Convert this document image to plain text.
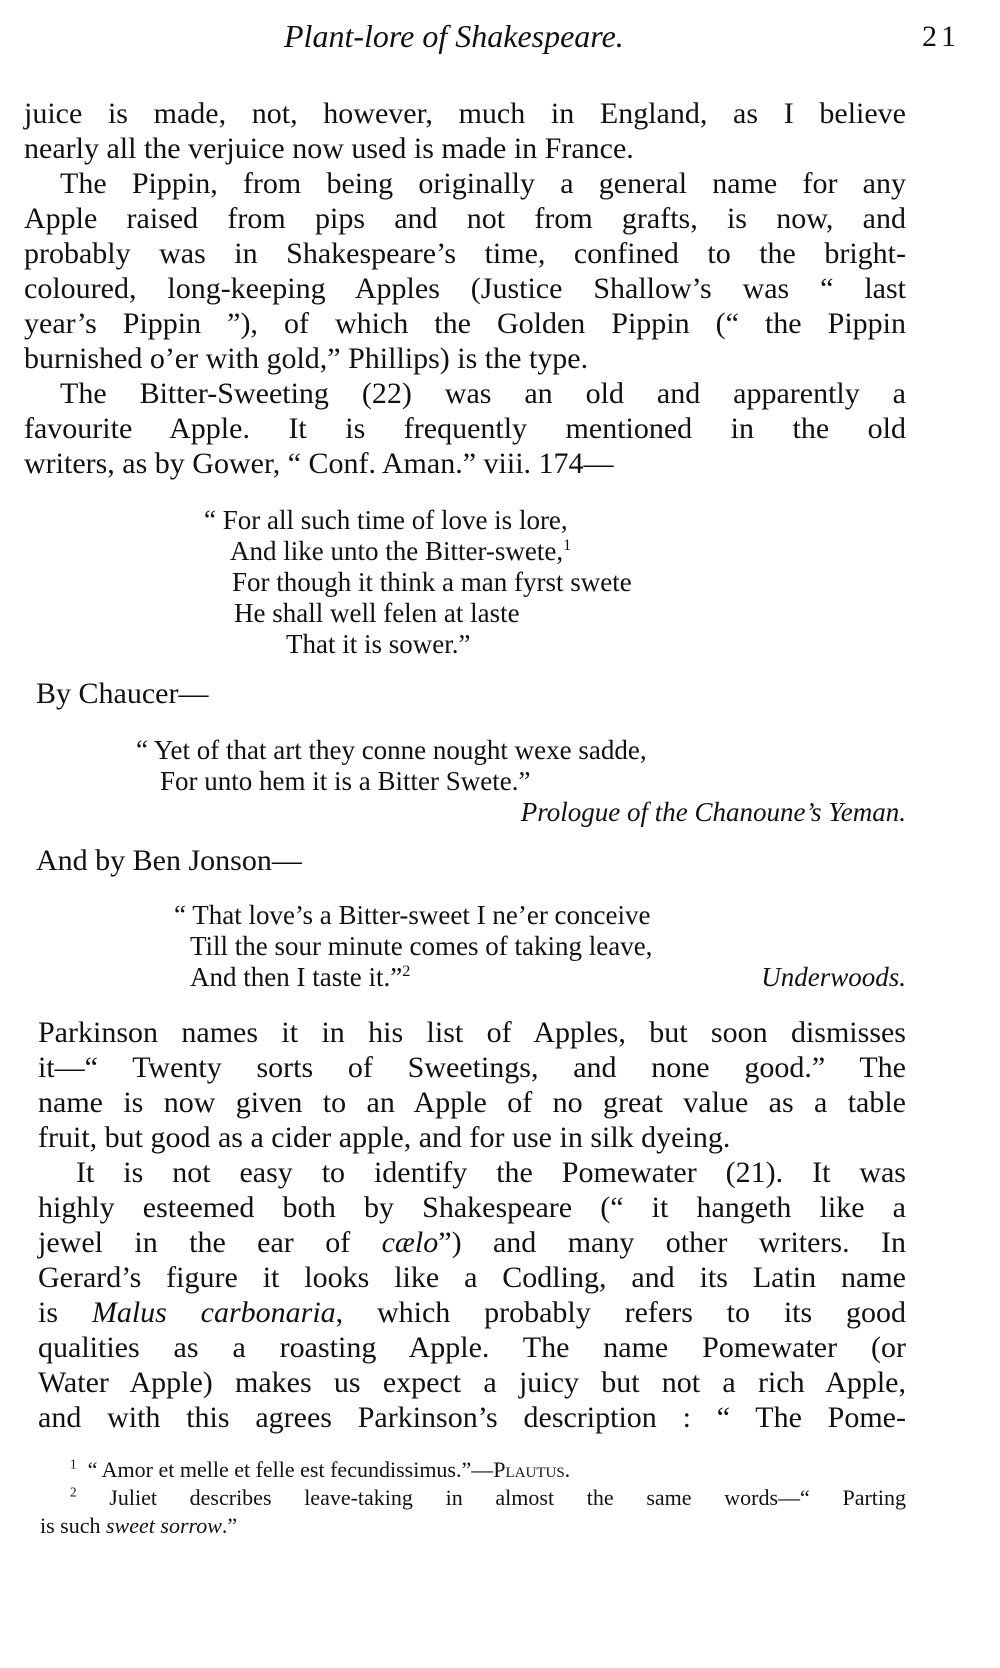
Plant-lore of Shakespeare.	21
juice is made, not, however, much in England, as I believe
nearly all the verjuice now used is made in France.
The Pippin, from being originally a general name for any
Apple raised from pips and not from grafts, is now, and
probably was in Shakespeare’s time, confined to the bright-
coloured, long-keeping Apples (Justice Shallow’s was “ last
year’s Pippin ”), of which the Golden Pippin (“ the Pippin
burnished o’er with gold,” Phillips) is the type.
The Bitter-Sweeting (22) was an old and apparently a
favourite Apple. It is frequently mentioned in the old
writers, as by Gower, “ Conf. Aman.” viii. 174—
“ For all such time of love is lore,
And like unto the Bitter-swete,$^1$
For though it think a man fyrst swete
He shall well felen at laste
That it is sower.”
By Chaucer—
“ Yet of that art they conne nought wexe sadde,
For unto hem it is a Bitter Swete.”
Prologue of the Chanoune’s Yeman.
And by Ben Jonson—
“ That love’s a Bitter-sweet I ne’er conceive
Till the sour minute comes of taking leave,
And then I taste it.”$^2$	Underwoods.
Parkinson names it in his list of Apples, but soon dismisses
it—“ Twenty sorts of Sweetings, and none good.” The
name is now given to an Apple of no great value as a table
fruit, but good as a cider apple, and for use in silk dyeing.
It is not easy to identify the Pomewater (21). It was
highly esteemed both by Shakespeare (“ it hangeth like a
jewel in the ear of cælo”) and many other writers. In
Gerard’s figure it looks like a Codling, and its Latin name
is Malus carbonaria, which probably refers to its good
qualities as a roasting Apple. The name Pomewater (or
Water Apple) makes us expect a juicy but not a rich Apple,
and with this agrees Parkinson’s description : “ The Pome-
$^1$ “ Amor et melle et felle est fecundissimus.”—Plautus.
$^2$ Juliet describes leave-taking in almost the same words—“ Parting
is such sweet sorrow.”
